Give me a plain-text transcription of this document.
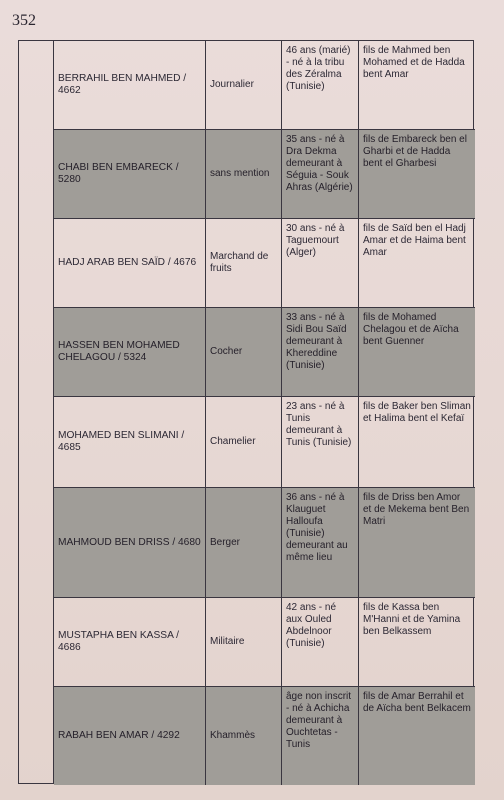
352
BERRAHIL BEN MAHMED / 4662
Journalier
46 ans (marié) - né à la tribu des Zéralma (Tunisie)
fils de Mahmed ben Mohamed et de Hadda bent Amar
CHABI BEN EMBARECK / 5280
sans mention
35 ans - né à Dra Dekma demeurant à Séguia - Souk Ahras (Algérie)
fils de Embareck ben el Gharbi et de Hadda bent el Gharbesi
HADJ ARAB BEN SAÏD / 4676
Marchand de fruits
30 ans - né à Taguemourt (Alger)
fils de Saïd ben el Hadj Amar et de Haima bent Amar
HASSEN BEN MOHAMED CHELAGOU / 5324
Cocher
33 ans - né à Sidi Bou Saïd demeurant à Khereddine (Tunisie)
fils de Mohamed Chelagou et de Aïcha bent Guenner
MOHAMED BEN SLIMANI / 4685
Chamelier
23 ans - né à Tunis demeurant à Tunis (Tunisie)
fils de Baker ben Sliman et Halima bent el Kefaï
MAHMOUD BEN DRISS / 4680 Berger
36 ans - né à Klauguet Halloufa (Tunisie) demeurant au même lieu
fils de Driss ben Amor et de Mekema bent Ben Matri
MUSTAPHA BEN KASSA / 4686
Militaire
42 ans - né aux Ouled Abdelnoor (Tunisie)
fils de Kassa ben M'Hanni et de Yamina ben Belkassem
RABAH BEN AMAR / 4292	Khammès
âge non inscrit - né à Achicha demeurant à Ouchtetas - Tunis
fils de Amar Berrahil et de Aïcha bent Belkacem
